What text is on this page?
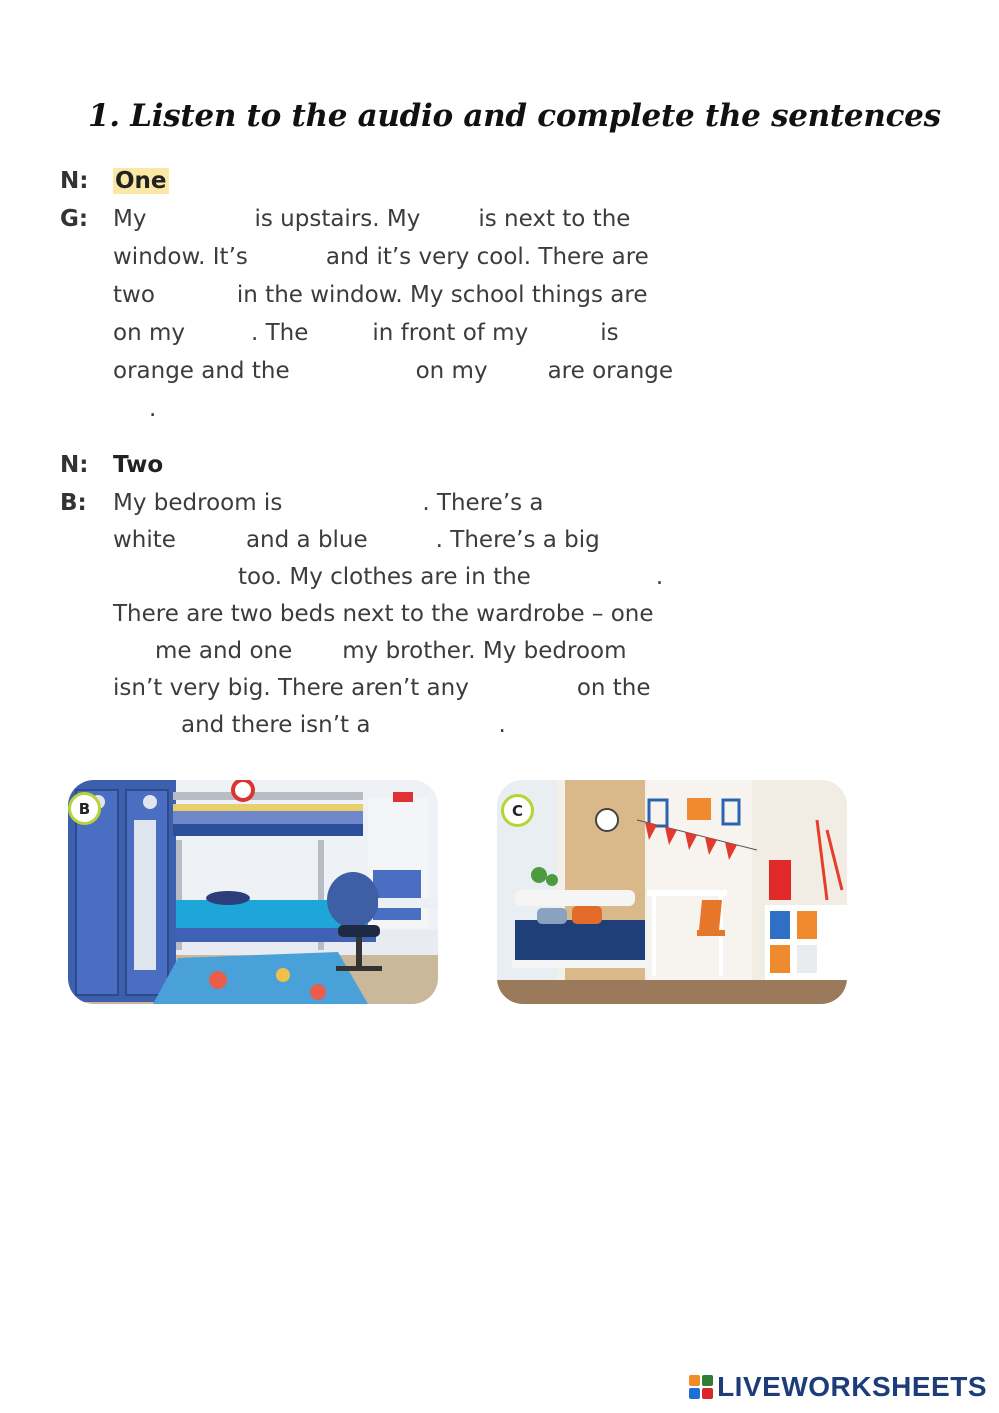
1. Listen to the audio and complete the sentences
N: One
G: My	is upstairs. My	is next to the
window. It’s	and it’s very cool. There are
two	in the window. My school things are
on my	. The	in front of my	is
orange and the	on my	are orange
.
N: Two
B: My bedroom is	. There’s a
white	and a blue	. There’s a big
too. My clothes are in the	.
There are two beds next to the wardrobe – one
me and one my brother. My bedroom
isn’t very big. There aren’t any	on the
and there isn’t a	.
B	C
LIVEWORKSHEETS
